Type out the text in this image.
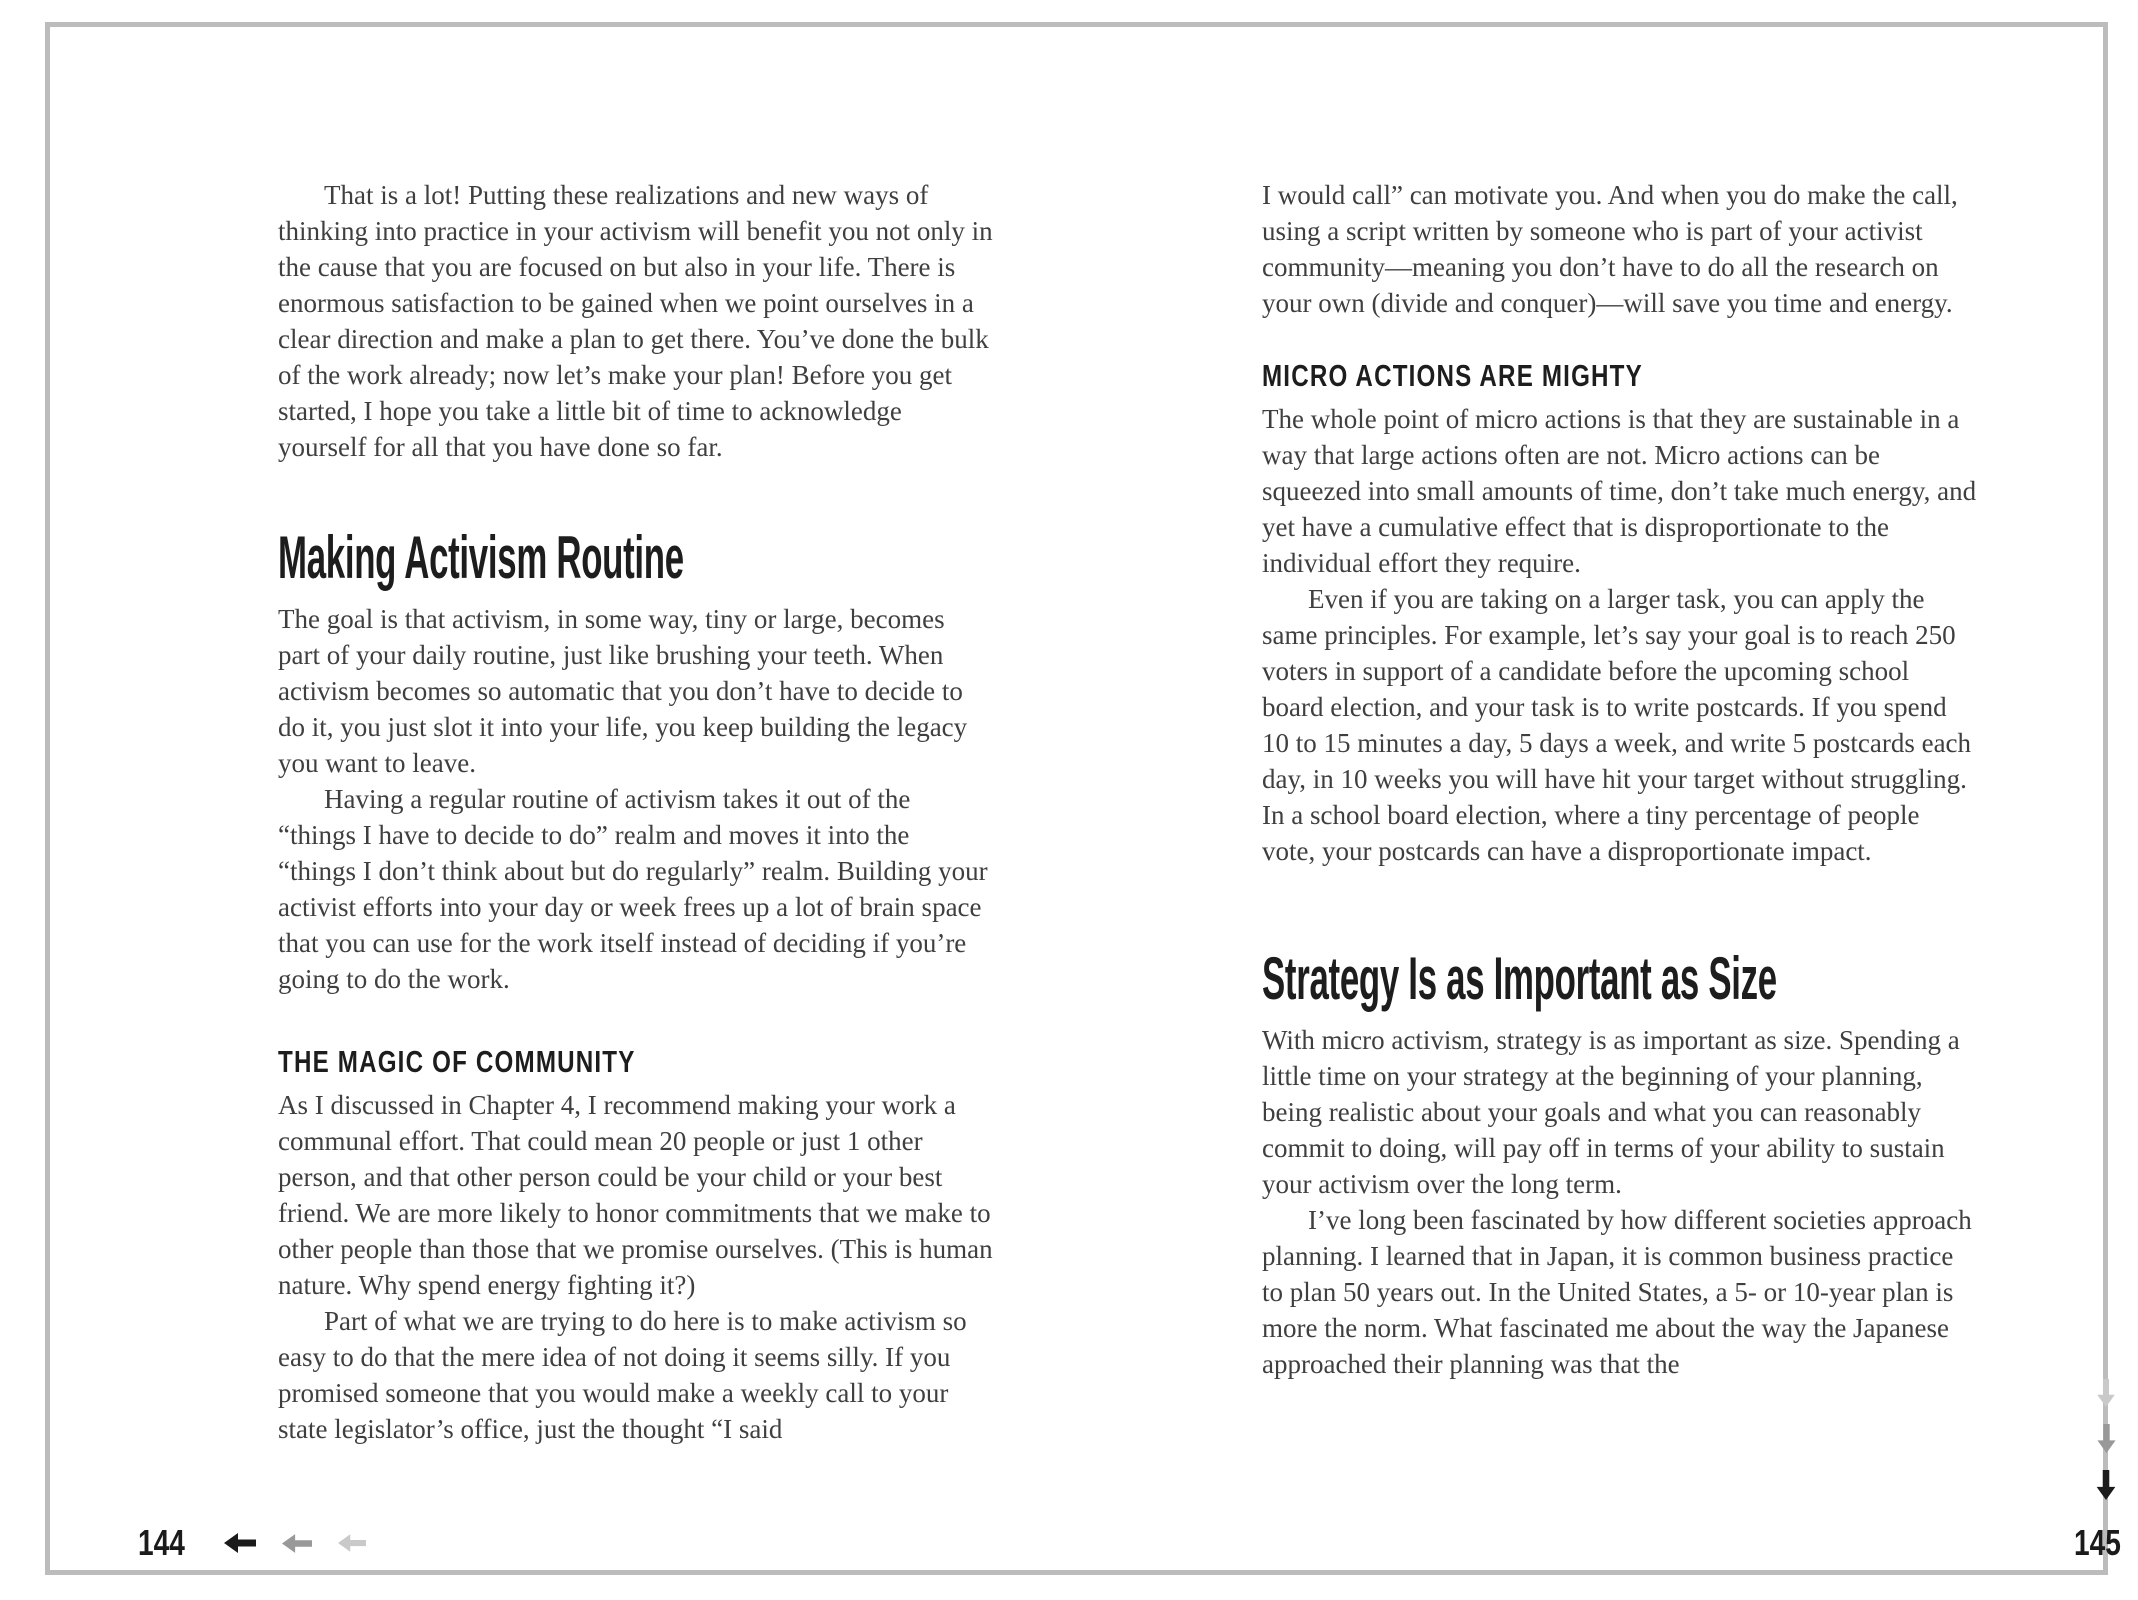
That is a lot! Putting these realizations and new ways of thinking into practice in your activism will benefit you not only in the cause that you are focused on but also in your life. There is enormous satisfaction to be gained when we point ourselves in a clear direction and make a plan to get there. You’ve done the bulk of the work already; now let’s make your plan! Before you get started, I hope you take a little bit of time to acknowledge yourself for all that you have done so far.

Making Activism Routine

The goal is that activism, in some way, tiny or large, becomes part of your daily routine, just like brushing your teeth. When activism becomes so automatic that you don’t have to decide to do it, you just slot it into your life, you keep building the legacy you want to leave.

Having a regular routine of activism takes it out of the “things I have to decide to do” realm and moves it into the “things I don’t think about but do regularly” realm. Building your activist efforts into your day or week frees up a lot of brain space that you can use for the work itself instead of deciding if you’re going to do the work.

THE MAGIC OF COMMUNITY

As I discussed in Chapter 4, I recommend making your work a communal effort. That could mean 20 people or just 1 other person, and that other person could be your child or your best friend. We are more likely to honor commitments that we make to other people than those that we promise ourselves. (This is human nature. Why spend energy fighting it?)

Part of what we are trying to do here is to make activism so easy to do that the mere idea of not doing it seems silly. If you promised someone that you would make a weekly call to your state legislator’s office, just the thought “I said

I would call” can motivate you. And when you do make the call, using a script written by someone who is part of your activist community—meaning you don’t have to do all the research on your own (divide and conquer)—will save you time and energy.

MICRO ACTIONS ARE MIGHTY

The whole point of micro actions is that they are sustainable in a way that large actions often are not. Micro actions can be squeezed into small amounts of time, don’t take much energy, and yet have a cumulative effect that is disproportionate to the individual effort they require.

Even if you are taking on a larger task, you can apply the same principles. For example, let’s say your goal is to reach 250 voters in support of a candidate before the upcoming school board election, and your task is to write postcards. If you spend 10 to 15 minutes a day, 5 days a week, and write 5 postcards each day, in 10 weeks you will have hit your target without struggling. In a school board election, where a tiny percentage of people vote, your postcards can have a disproportionate impact.

Strategy Is as Important as Size

With micro activism, strategy is as important as size. Spending a little time on your strategy at the beginning of your planning, being realistic about your goals and what you can reasonably commit to doing, will pay off in terms of your ability to sustain your activism over the long term.

I’ve long been fascinated by how different societies approach planning. I learned that in Japan, it is common business practice to plan 50 years out. In the United States, a 5- or 10-year plan is more the norm. What fascinated me about the way the Japanese approached their planning was that the

144	145
